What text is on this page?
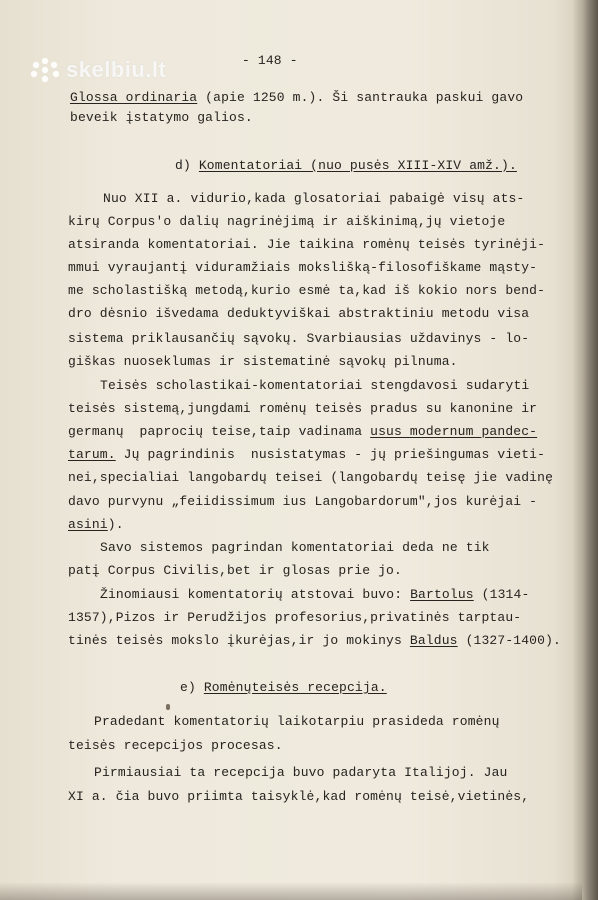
skelbiu.lt	- 148 -
Glossa ordinaria (apie 1250 m.). Ši santrauka paskui gavo
beveik įstatymo galios.
d) Komentatoriai (nuo pusės XIII-XIV amž.).
Nuo XII a. vidurio,kada glosatoriai pabaigė visų ats-
kirų Corpus'o dalių nagrinėjimą ir aiškinimą,jų vietoje
atsiranda komentatoriai. Jie taikina romėnų teisės tyrinėji-
mmui vyraujantį viduramžiais mokslišką-filosofiškame mąsty-
me scholastišką metodą,kurio esmė ta,kad iš kokio nors bend-
dro dėsnio išvedama deduktyviškai abstraktiniu metodu visa
sistema priklausančių sąvokų. Svarbiausias uždavinys - lo-
giškas nuoseklumas ir sistematinė sąvokų pilnuma.
Teisės scholastikai-komentatoriai stengdavosi sudaryti
teisės sistemą,jungdami romėnų teisės pradus su kanonine ir
germanų  paprocių teise,taip vadinama usus modernum pandec-
tarum. Jų pagrindinis  nusistatymas - jų priešingumas vieti-
nei,specialiai langobardų teisei (langobardų teisę jie vadinę
davo purvynu „feiidissimum ius Langobardorum",jos kurėjai -
asini).
Savo sistemos pagrindan komentatoriai deda ne tik
patį Corpus Civilis,bet ir glosas prie jo.
Žinomiausi komentatorių atstovai buvo: Bartolus (1314-
1357),Pizos ir Perudžijos profesorius,privatinės tarptau-
tinės teisės mokslo įkurėjas,ir jo mokinys Baldus (1327-1400).
e) Romėnųteisės recepcija.
Pradedant komentatorių laikotarpiu prasideda romėnų
teisės recepcijos procesas.
Pirmiausiai ta recepcija buvo padaryta Italijoj. Jau
XI a. čia buvo priimta taisyklė,kad romėnų teisė,vietinės,
